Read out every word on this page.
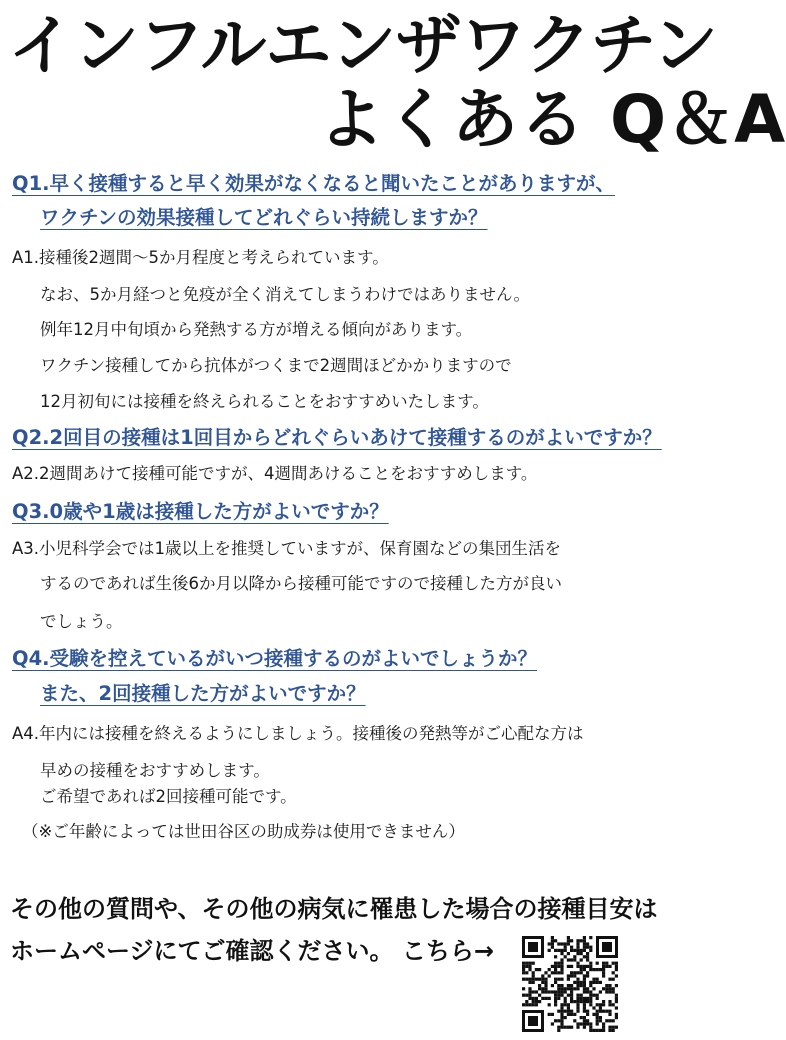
インフルエンザワクチン
よくある Q＆A
Q1.早く接種すると早く効果がなくなると聞いたことがありますが、
ワクチンの効果接種してどれぐらい持続しますか？
A1.接種後2週間〜5か月程度と考えられています。
なお、5か月経つと免疫が全く消えてしまうわけではありません。
例年12月中旬頃から発熱する方が増える傾向があります。
ワクチン接種してから抗体がつくまで2週間ほどかかりますので
12月初旬には接種を終えられることをおすすめいたします。
Q2.2回目の接種は1回目からどれぐらいあけて接種するのがよいですか？
A2.2週間あけて接種可能ですが、4週間あけることをおすすめします。
Q3.0歳や1歳は接種した方がよいですか？
A3.小児科学会では1歳以上を推奨していますが、保育園などの集団生活を
するのであれば生後6か月以降から接種可能ですので接種した方が良い
でしょう。
Q4.受験を控えているがいつ接種するのがよいでしょうか？
また、2回接種した方がよいですか？
A4.年内には接種を終えるようにしましょう。接種後の発熱等がご心配な方は
早めの接種をおすすめします。
ご希望であれば2回接種可能です。
（※ご年齢によっては世田谷区の助成券は使用できません）
その他の質問や、その他の病気に罹患した場合の接種目安は
ホームページにてご確認ください。 こちら→
